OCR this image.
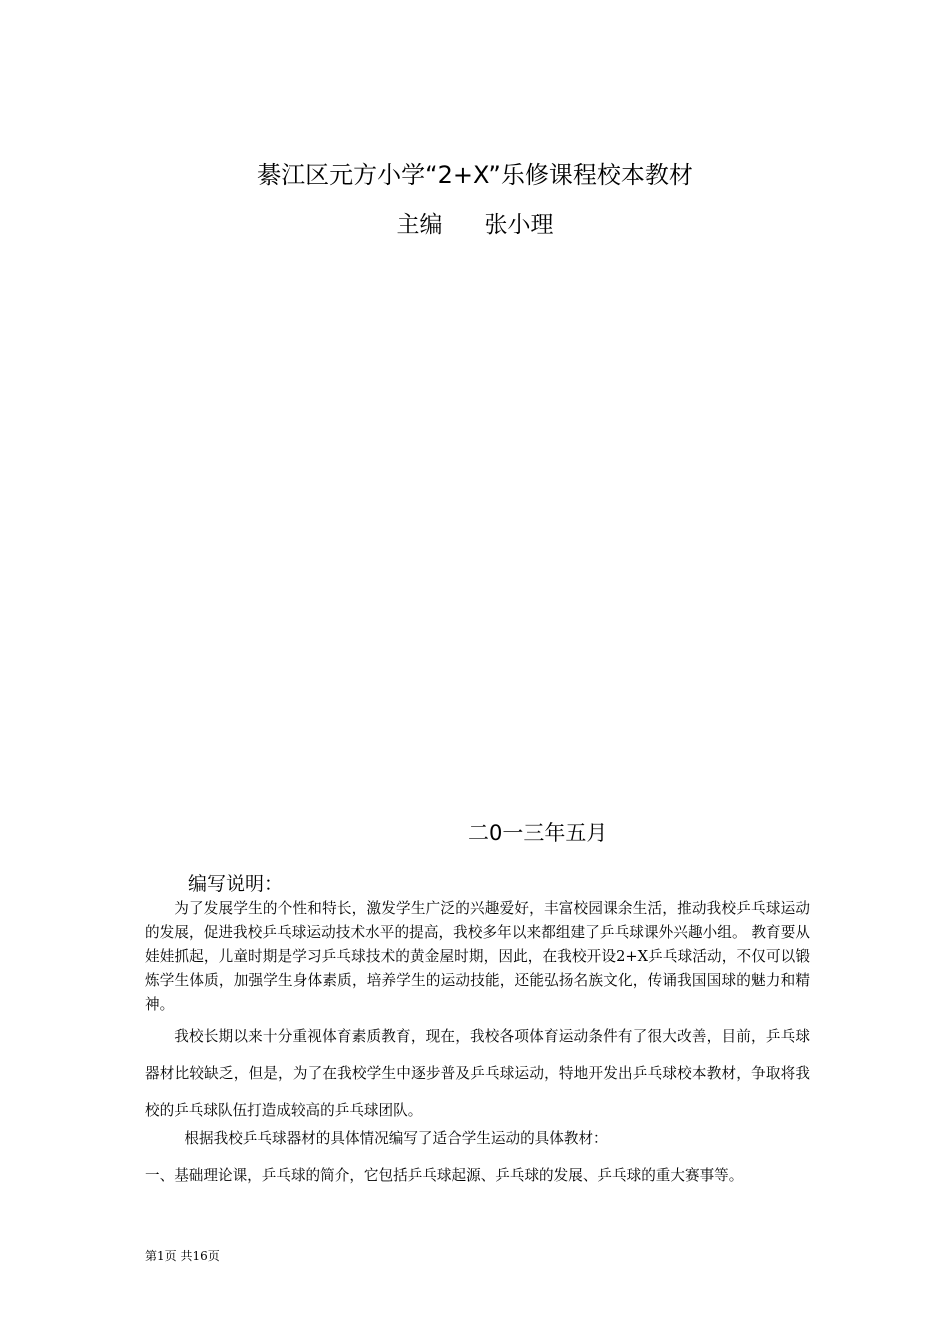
綦江区元方小学“2+X”乐修课程校本教材
主编 张小理
二0一三年五月
编写说明：
为了发展学生的个性和特长，激发学生广泛的兴趣爱好，丰富校园课余生活，推动我校乒乓球运动的发展，促进我校乒乓球运动技术水平的提高，我校多年以来都组建了乒乓球课外兴趣小组。 教育要从娃娃抓起，儿童时期是学习乒乓球技术的黄金屋时期，因此，在我校开设2+X乒乓球活动，不仅可以锻炼学生体质，加强学生身体素质，培养学生的运动技能，还能弘扬名族文化，传诵我国国球的魅力和精神。
我校长期以来十分重视体育素质教育，现在，我校各项体育运动条件有了很大改善，目前，乒乓球器材比较缺乏，但是，为了在我校学生中逐步普及乒乓球运动，特地开发出乒乓球校本教材，争取将我校的乒乓球队伍打造成较高的乒乓球团队。
根据我校乒乓球器材的具体情况编写了适合学生运动的具体教材：
一、基础理论课，乒乓球的简介，它包括乒乓球起源、乒乓球的发展、乒乓球的重大赛事等。
第1页 共16页
